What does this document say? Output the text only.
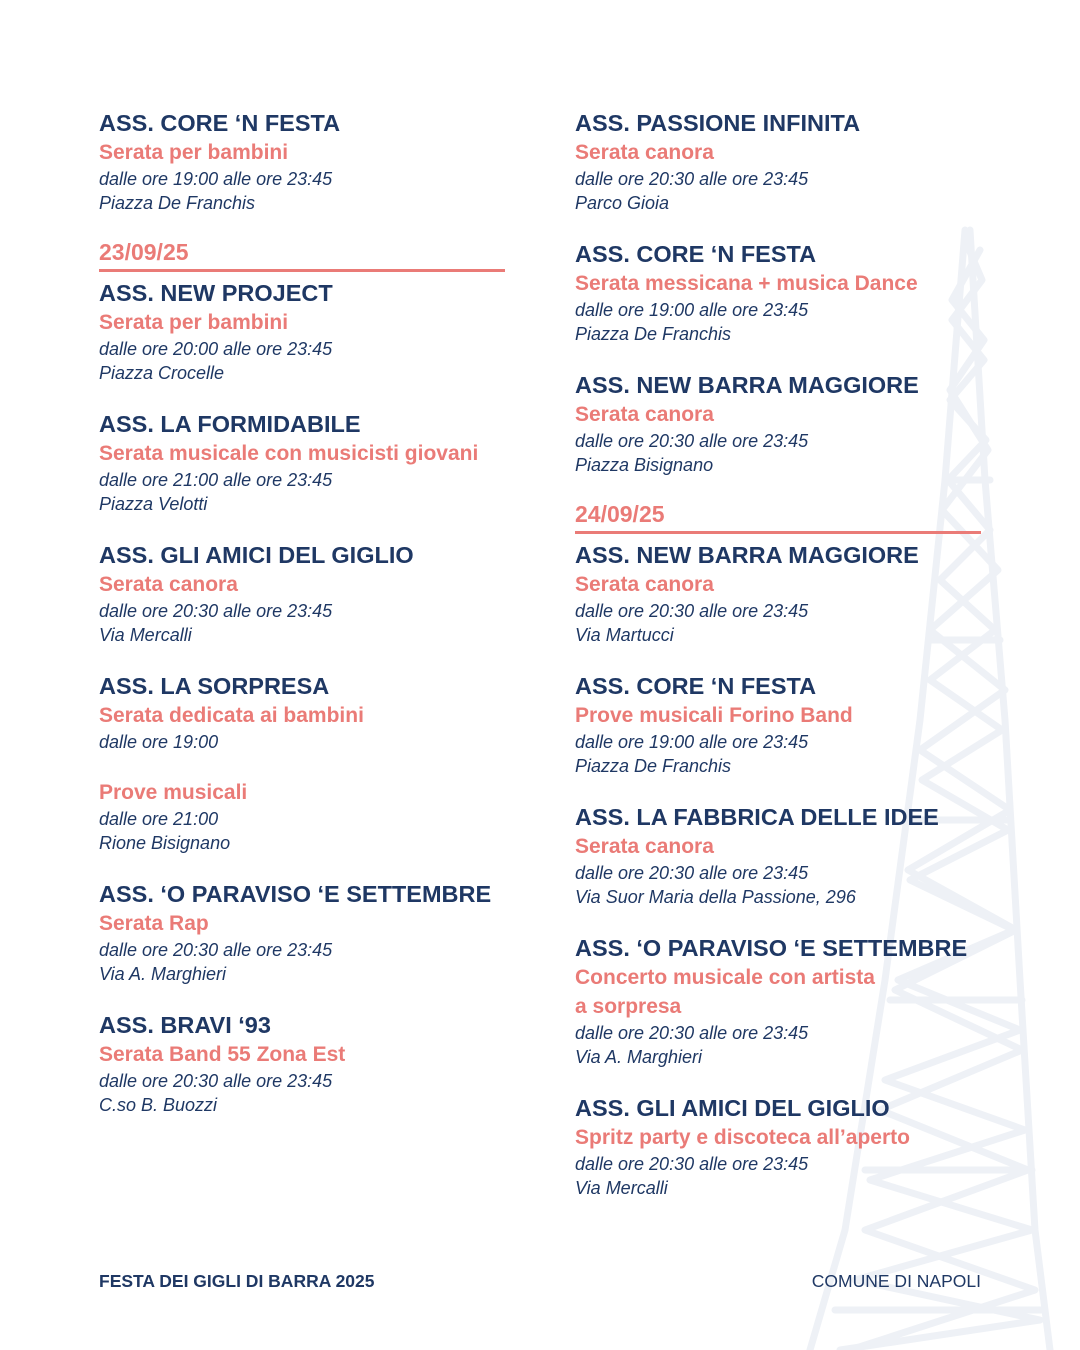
ASS. CORE ‘N FESTA
Serata per bambini
dalle ore 19:00 alle ore 23:45
Piazza De Franchis
23/09/25
ASS. NEW PROJECT
Serata per bambini
dalle ore 20:00 alle ore 23:45
Piazza Crocelle
ASS. LA FORMIDABILE
Serata musicale con musicisti giovani
dalle ore 21:00 alle ore 23:45
Piazza Velotti
ASS. GLI AMICI DEL GIGLIO
Serata canora
dalle ore 20:30 alle ore 23:45
Via Mercalli
ASS. LA SORPRESA
Serata dedicata ai bambini
dalle ore 19:00
Prove musicali
dalle ore 21:00
Rione Bisignano
ASS. ‘O PARAVISO ‘E SETTEMBRE
Serata Rap
dalle ore 20:30 alle ore 23:45
Via A. Marghieri
ASS. BRAVI ‘93
Serata Band 55 Zona Est
dalle ore 20:30 alle ore 23:45
C.so B. Buozzi
ASS. PASSIONE INFINITA
Serata canora
dalle ore 20:30 alle ore 23:45
Parco Gioia
ASS. CORE ‘N FESTA
Serata messicana + musica Dance
dalle ore 19:00 alle ore 23:45
Piazza De Franchis
ASS. NEW BARRA MAGGIORE
Serata canora
dalle ore 20:30 alle ore 23:45
Piazza Bisignano
24/09/25
ASS. NEW BARRA MAGGIORE
Serata canora
dalle ore 20:30 alle ore 23:45
Via Martucci
ASS. CORE ‘N FESTA
Prove musicali Forino Band
dalle ore 19:00 alle ore 23:45
Piazza De Franchis
ASS. LA FABBRICA DELLE IDEE
Serata canora
dalle ore 20:30 alle ore 23:45
Via Suor Maria della Passione, 296
ASS. ‘O PARAVISO ‘E SETTEMBRE
Concerto musicale con artista
a sorpresa
dalle ore 20:30 alle ore 23:45
Via A. Marghieri
ASS. GLI AMICI DEL GIGLIO
Spritz party e discoteca all’aperto
dalle ore 20:30 alle ore 23:45
Via Mercalli
FESTA DEI GIGLI DI BARRA 2025	COMUNE DI NAPOLI
